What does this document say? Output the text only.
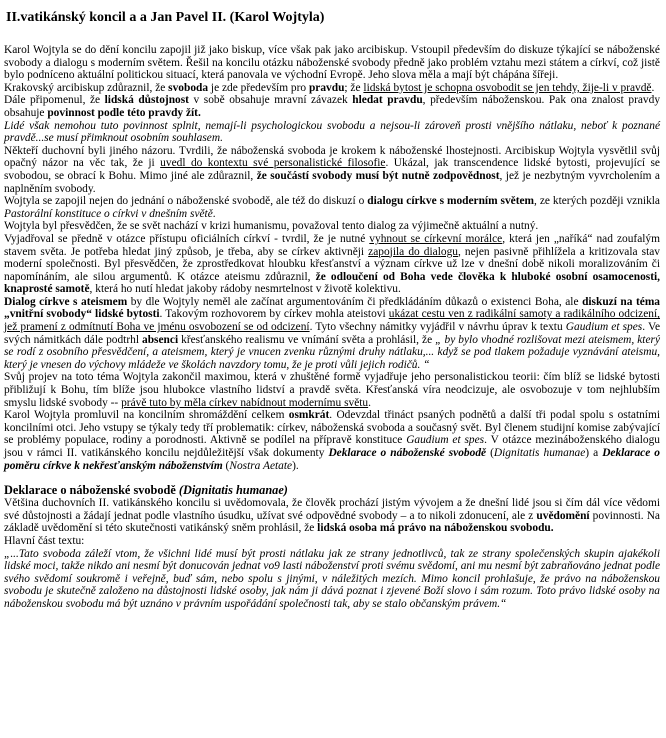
II.vatikánský koncil a a Jan Pavel II. (Karol Wojtyla)

Karol Wojtyla se do dění koncilu zapojil již jako biskup, více však pak jako arcibiskup. Vstoupil především do diskuze týkající se náboženské svobody a dialogu s moderním světem. Řešil na koncilu otázku náboženské svobody předně jako problém vztahu mezi státem a církví, což jistě bylo podníceno aktuální politickou situací, která panovala ve východní Evropě. Jeho slova měla a mají být chápána šířeji.

Krakovský arcibiskup zdůraznil, že svoboda je zde především pro pravdu; že lidská bytost je schopna osvobodit se jen tehdy, žije-li v pravdě.

Dále připomenul, že lidská důstojnost v sobě obsahuje mravní závazek hledat pravdu, především náboženskou. Pak ona znalost pravdy obsahuje povinnost podle této pravdy žít.

Lidé však nemohou tuto povinnost splnit, nemají-li psychologickou svobodu a nejsou-li zároveň prosti vnějšího nátlaku, neboť k poznané pravdě...se musí přimknout osobním souhlasem.

Někteří duchovní byli jiného názoru. Tvrdili, že náboženská svoboda je krokem k náboženské lhostejnosti. Arcibiskup Wojtyla vysvětlil svůj opačný názor na věc tak, že ji uvedl do kontextu své personalistické filosofie. Ukázal, jak transcendence lidské bytosti, projevující se svobodou, se obrací k Bohu. Mimo jiné ale zdůraznil, že součástí svobody musí být nutně zodpovědnost, jež je nezbytným vyvrcholením a naplněním svobody.

Wojtyla se zapojil nejen do jednání o náboženské svobodě, ale též do diskuzí o dialogu církve s moderním světem, ze kterých později vznikla Pastorální konstituce o církvi v dnešním světě.

Wojtyla byl přesvědčen, že se svět nachází v krizi humanismu, považoval tento dialog za výjimečně aktuální a nutný.

Vyjadřoval se předně v otázce přístupu oficiálních církví - tvrdil, že je nutné vyhnout se církevní morálce, která jen „naříká“ nad zoufalým stavem světa. Je potřeba hledat jiný způsob, je třeba, aby se církev aktivněji zapojila do dialogu, nejen pasivně přihlížela a kritizovala stav moderní společnosti. Byl přesvědčen, že zprostředkovat hloubku křesťanství a význam církve už lze v dnešní době nikoli moralizováním či napomínáním, ale silou argumentů. K otázce ateismu zdůraznil, že odloučení od Boha vede člověka k hluboké osobní osamocenosti, knaprosté samotě, která ho nutí hledat jakoby rádoby nesmrtelnost v životě kolektivu.

Dialog církve s ateismem by dle Wojtyly neměl ale začínat argumentováním či předkládáním důkazů o existenci Boha, ale diskuzí na téma „vnitřní svobody“ lidské bytosti. Takovým rozhovorem by církev mohla ateistovi ukázat cestu ven z radikální samoty a radikálního odcizení, jež pramení z odmítnutí Boha ve jménu osvobození se od odcizení. Tyto všechny námitky vyjádřil v návrhu úprav k textu Gaudium et spes. Ve svých námitkách dále podtrhl absenci křesťanského realismu ve vnímání světa a prohlásil, že „ by bylo vhodné rozlišovat mezi ateismem, který se rodí z osobního přesvědčení, a ateismem, který je vnucen zvenku různými druhy nátlaku,... když se pod tlakem požaduje vyznávání ateismu, který je vnesen do výchovy mládeže ve školách navzdory tomu, že je proti vůli jejich rodičů. “

Svůj projev na toto téma Wojtyla zakončil maximou, která v zhuštěné formě vyjadřuje jeho personalistickou teorii: čím blíž se lidské bytosti přibližují k Bohu, tím blíže jsou hlubokce vlastního lidství a pravdě světa. Křesťanská víra neodcizuje, ale osvobozuje v tom nejhlubším smyslu lidské svobody -- právě tuto by měla církev nabídnout modernímu světu.

Karol Wojtyla promluvil na koncilním shromáždění celkem osmkrát. Odevzdal třináct psaných podnětů a další tři podal spolu s ostatními koncilními otci. Jeho vstupy se týkaly tedy tří problematik: církev, náboženská svoboda a současný svět. Byl členem studijní komise zabývající se problémy populace, rodiny a porodnosti. Aktivně se podílel na přípravě konstituce Gaudium et spes. V otázce mezináboženského dialogu jsou v rámci II. vatikánského koncilu nejdůležitější však dokumenty Deklarace o náboženské svobodě (Dignitatis humanae) a Deklarace o poměru církve k nekřesťanským náboženstvím (Nostra Aetate).

Deklarace o náboženské svobodě (Dignitatis humanae)

Většina duchovních II. vatikánského koncilu si uvědomovala, že člověk prochází jistým vývojem a že dnešní lidé jsou si čím dál více vědomi své důstojnosti a žádají jednat podle vlastního úsudku, užívat své odpovědné svobody – a to nikoli zdonucení, ale z uvědomění povinnosti. Na základě uvědomění si této skutečnosti vatikánský sněm prohlásil, že lidská osoba má právo na náboženskou svobodu.

Hlavní část textu:

„...Tato svoboda záleží vtom, že všichni lidé musí být prosti nátlaku jak ze strany jednotlivců, tak ze strany společenských skupin ajakékoli lidské moci, takže nikdo ani nesmí být donucován jednat vo9 lasti náboženství proti svému svědomí, ani mu nesmí být zabraňováno jednat podle svého svědomí soukromě i veřejně, buď sám, nebo spolu s jinými, v náležitých mezích. Mimo koncil prohlašuje, že právo na náboženskou svobodu je skutečně založeno na důstojnosti lidské osoby, jak nám ji dává poznat i zjevené Boží slovo i sám rozum. Toto právo lidské osoby na náboženskou svobodu má být uznáno v právním uspořádání společnosti tak, aby se stalo občanským právem.“
